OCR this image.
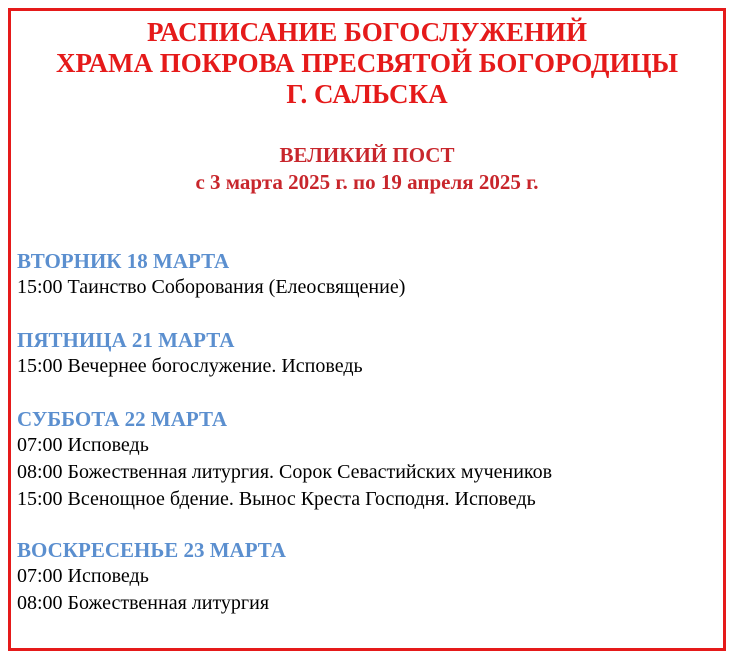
РАСПИСАНИЕ БОГОСЛУЖЕНИЙ
ХРАМА ПОКРОВА ПРЕСВЯТОЙ БОГОРОДИЦЫ
Г. САЛЬСКА
ВЕЛИКИЙ ПОСТ
с 3 марта 2025 г. по 19 апреля 2025 г.
ВТОРНИК 18 МАРТА
15:00 Таинство Соборования (Елеосвящение)
ПЯТНИЦА 21 МАРТА
15:00 Вечернее богослужение. Исповедь
СУББОТА 22 МАРТА
07:00 Исповедь
08:00 Божественная литургия. Сорок Севастийских мучеников
15:00 Всенощное бдение. Вынос Креста Господня. Исповедь
ВОСКРЕСЕНЬЕ 23 МАРТА
07:00 Исповедь
08:00 Божественная литургия
